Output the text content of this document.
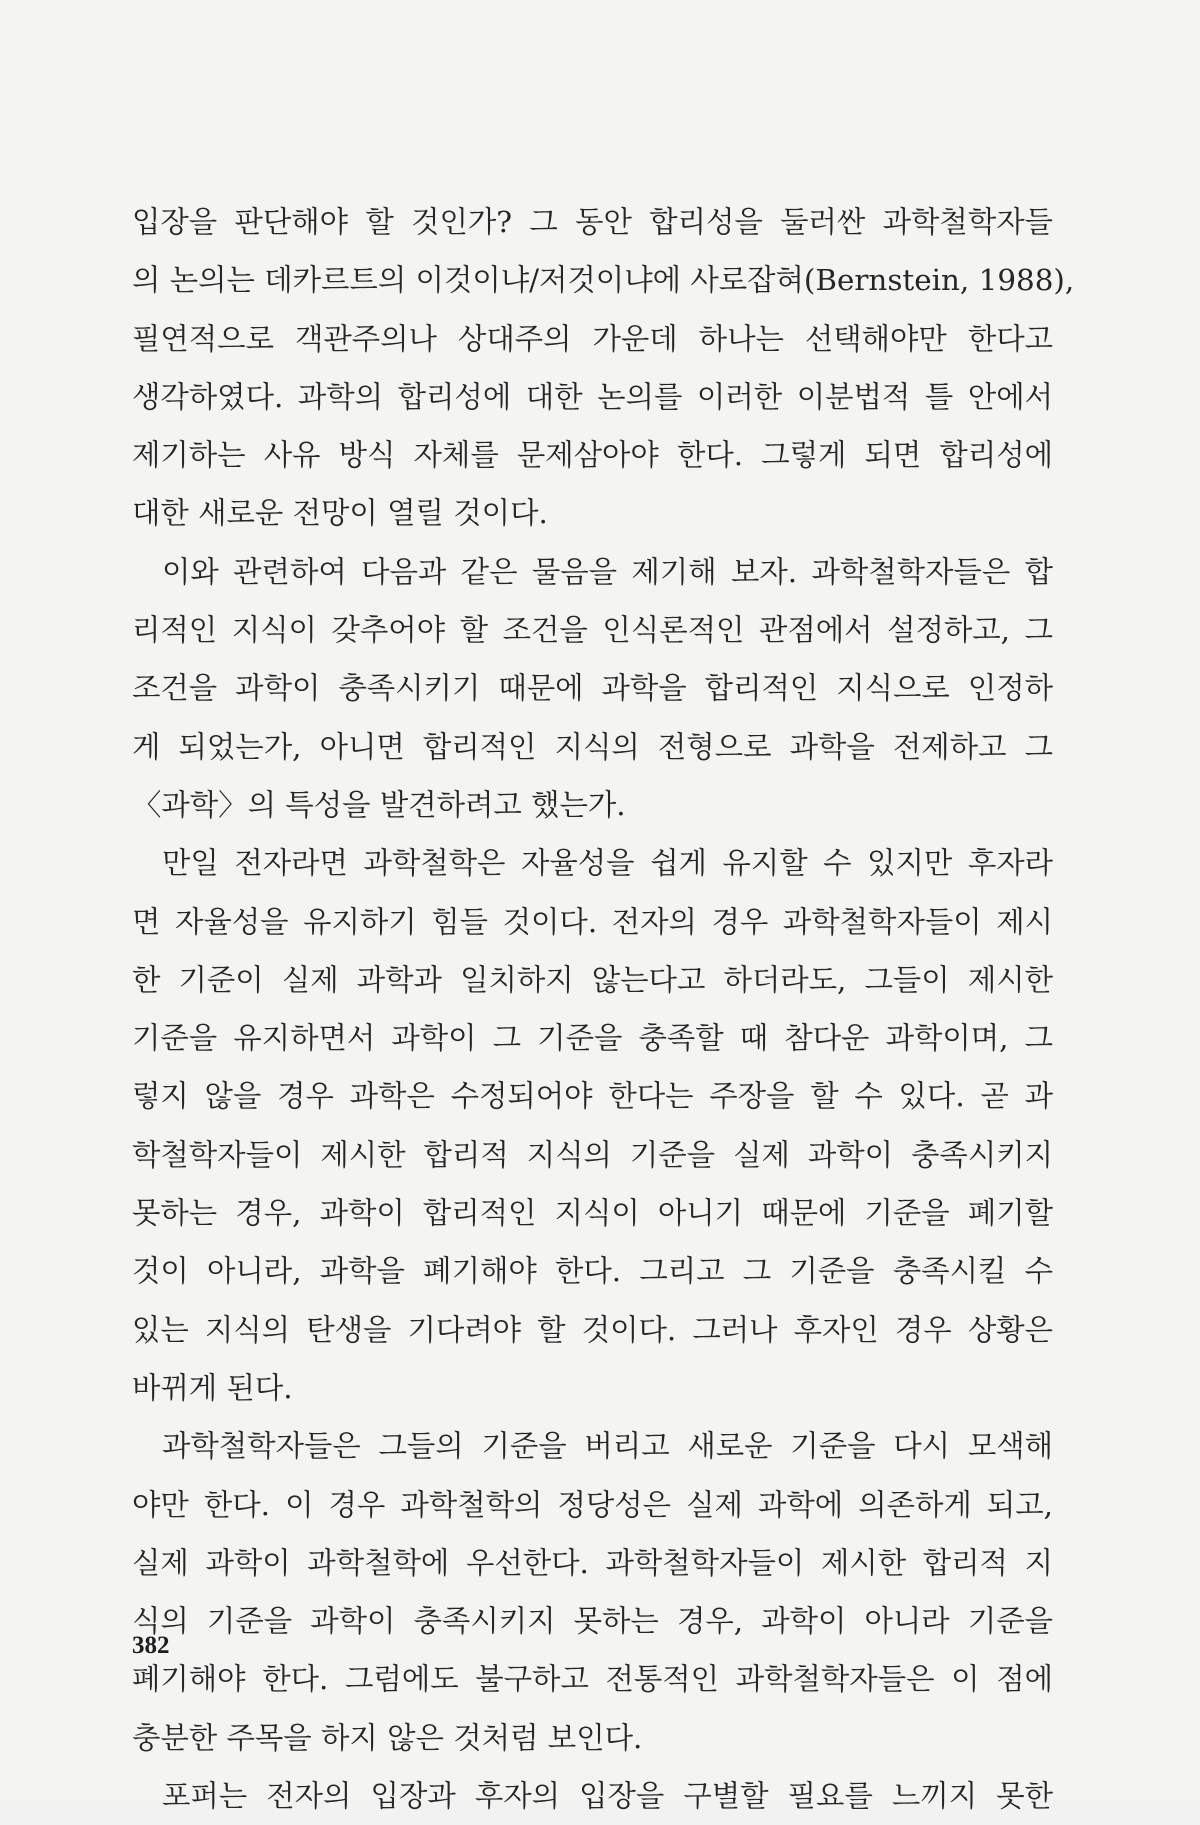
입장을 판단해야 할 것인가? 그 동안 합리성을 둘러싼 과학철학자들
의 논의는 데카르트의 이것이냐/저것이냐에 사로잡혀(Bernstein, 1988),
필연적으로 객관주의나 상대주의 가운데 하나는 선택해야만 한다고
생각하였다. 과학의 합리성에 대한 논의를 이러한 이분법적 틀 안에서
제기하는 사유 방식 자체를 문제삼아야 한다. 그렇게 되면 합리성에
대한 새로운 전망이 열릴 것이다.
이와 관련하여 다음과 같은 물음을 제기해 보자. 과학철학자들은 합
리적인 지식이 갖추어야 할 조건을 인식론적인 관점에서 설정하고, 그
조건을 과학이 충족시키기 때문에 과학을 합리적인 지식으로 인정하
게 되었는가, 아니면 합리적인 지식의 전형으로 과학을 전제하고 그
〈과학〉의 특성을 발견하려고 했는가.
만일 전자라면 과학철학은 자율성을 쉽게 유지할 수 있지만 후자라
면 자율성을 유지하기 힘들 것이다. 전자의 경우 과학철학자들이 제시
한 기준이 실제 과학과 일치하지 않는다고 하더라도, 그들이 제시한
기준을 유지하면서 과학이 그 기준을 충족할 때 참다운 과학이며, 그
렇지 않을 경우 과학은 수정되어야 한다는 주장을 할 수 있다. 곧 과
학철학자들이 제시한 합리적 지식의 기준을 실제 과학이 충족시키지
못하는 경우, 과학이 합리적인 지식이 아니기 때문에 기준을 폐기할
것이 아니라, 과학을 폐기해야 한다. 그리고 그 기준을 충족시킬 수
있는 지식의 탄생을 기다려야 할 것이다. 그러나 후자인 경우 상황은
바뀌게 된다.
과학철학자들은 그들의 기준을 버리고 새로운 기준을 다시 모색해
야만 한다. 이 경우 과학철학의 정당성은 실제 과학에 의존하게 되고,
실제 과학이 과학철학에 우선한다. 과학철학자들이 제시한 합리적 지
식의 기준을 과학이 충족시키지 못하는 경우, 과학이 아니라 기준을
폐기해야 한다. 그럼에도 불구하고 전통적인 과학철학자들은 이 점에
충분한 주목을 하지 않은 것처럼 보인다.
포퍼는 전자의 입장과 후자의 입장을 구별할 필요를 느끼지 못한
382
